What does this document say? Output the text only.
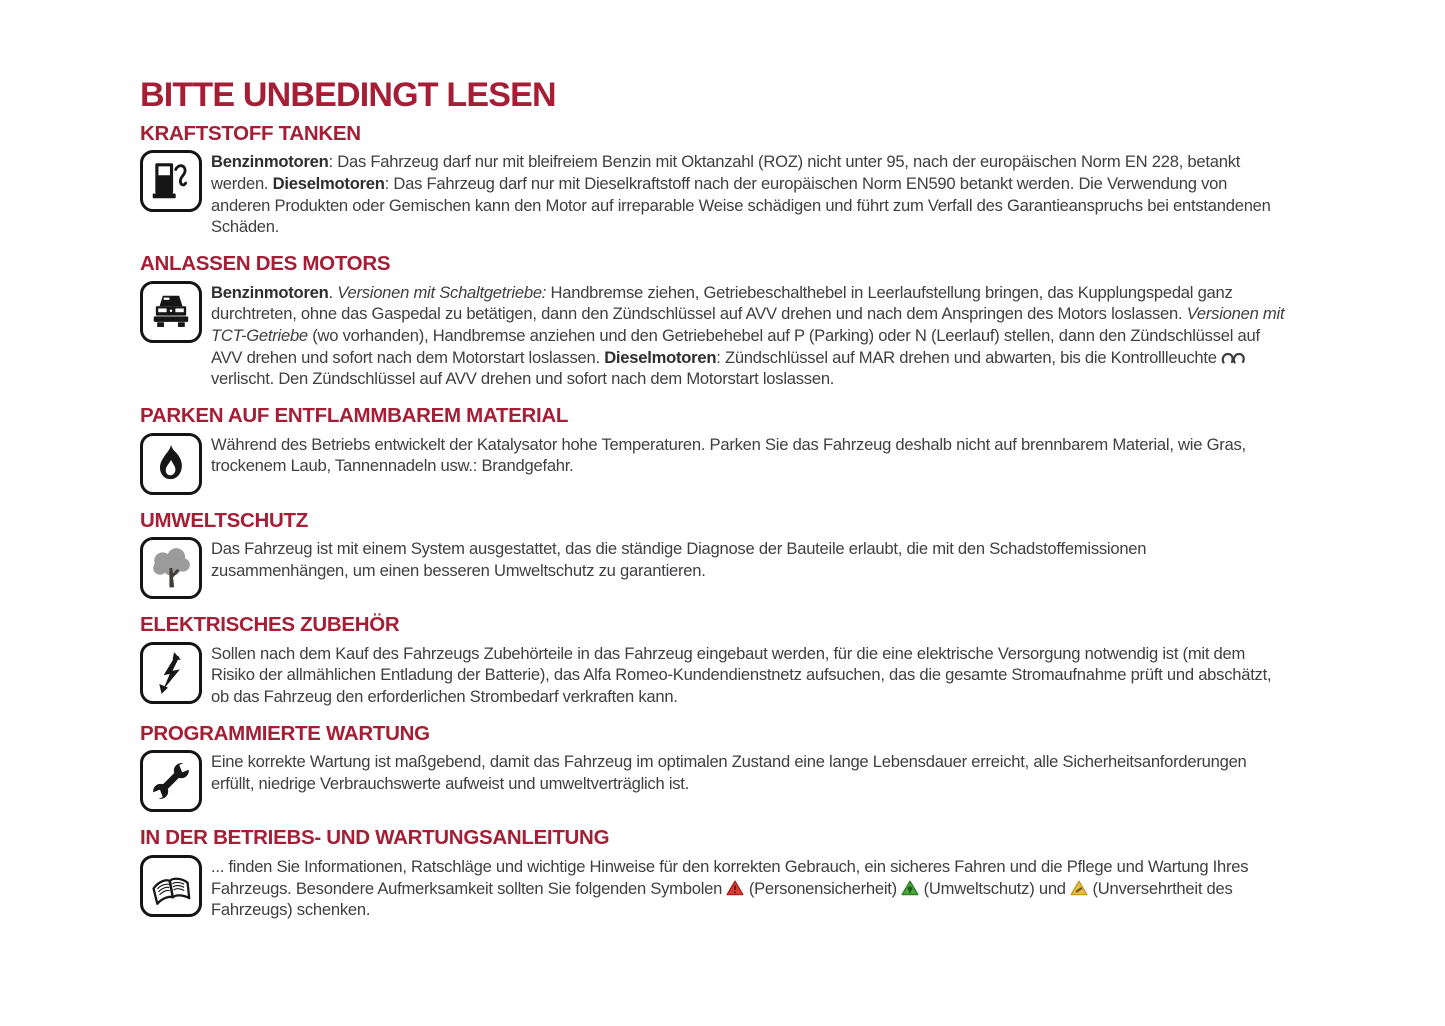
BITTE UNBEDINGT LESEN
KRAFTSTOFF TANKEN
Benzinmotoren: Das Fahrzeug darf nur mit bleifreiem Benzin mit Oktanzahl (ROZ) nicht unter 95, nach der europäischen Norm EN 228, betankt werden. Dieselmotoren: Das Fahrzeug darf nur mit Dieselkraftstoff nach der europäischen Norm EN590 betankt werden. Die Verwendung von anderen Produkten oder Gemischen kann den Motor auf irreparable Weise schädigen und führt zum Verfall des Garantieanspruchs bei entstandenen Schäden.
ANLASSEN DES MOTORS
Benzinmotoren. Versionen mit Schaltgetriebe: Handbremse ziehen, Getriebeschalthebel in Leerlaufstellung bringen, das Kupplungspedal ganz durchtreten, ohne das Gaspedal zu betätigen, dann den Zündschlüssel auf AVV drehen und nach dem Anspringen des Motors loslassen. Versionen mit TCT-Getriebe (wo vorhanden), Handbremse anziehen und den Getriebehebel auf P (Parking) oder N (Leerlauf) stellen, dann den Zündschlüssel auf AVV drehen und sofort nach dem Motorstart loslassen. Dieselmotoren: Zündschlüssel auf MAR drehen und abwarten, bis die Kontrollleuchte  verlischt. Den Zündschlüssel auf AVV drehen und sofort nach dem Motorstart loslassen.
PARKEN AUF ENTFLAMMBAREM MATERIAL
Während des Betriebs entwickelt der Katalysator hohe Temperaturen. Parken Sie das Fahrzeug deshalb nicht auf brennbarem Material, wie Gras, trockenem Laub, Tannennadeln usw.: Brandgefahr.
UMWELTSCHUTZ
Das Fahrzeug ist mit einem System ausgestattet, das die ständige Diagnose der Bauteile erlaubt, die mit den Schadstoffemissionen zusammenhängen, um einen besseren Umweltschutz zu garantieren.
ELEKTRISCHES ZUBEHÖR
Sollen nach dem Kauf des Fahrzeugs Zubehörteile in das Fahrzeug eingebaut werden, für die eine elektrische Versorgung notwendig ist (mit dem Risiko der allmählichen Entladung der Batterie), das Alfa Romeo-Kundendienstnetz aufsuchen, das die gesamte Stromaufnahme prüft und abschätzt, ob das Fahrzeug den erforderlichen Strombedarf verkraften kann.
PROGRAMMIERTE WARTUNG
Eine korrekte Wartung ist maßgebend, damit das Fahrzeug im optimalen Zustand eine lange Lebensdauer erreicht, alle Sicherheitsanforderungen erfüllt, niedrige Verbrauchswerte aufweist und umweltverträglich ist.
IN DER BETRIEBS- UND WARTUNGSANLEITUNG
... finden Sie Informationen, Ratschläge und wichtige Hinweise für den korrekten Gebrauch, ein sicheres Fahren und die Pflege und Wartung Ihres Fahrzeugs. Besondere Aufmerksamkeit sollten Sie folgenden Symbolen  (Personensicherheit)  (Umweltschutz) und  (Unversehrtheit des Fahrzeugs) schenken.
